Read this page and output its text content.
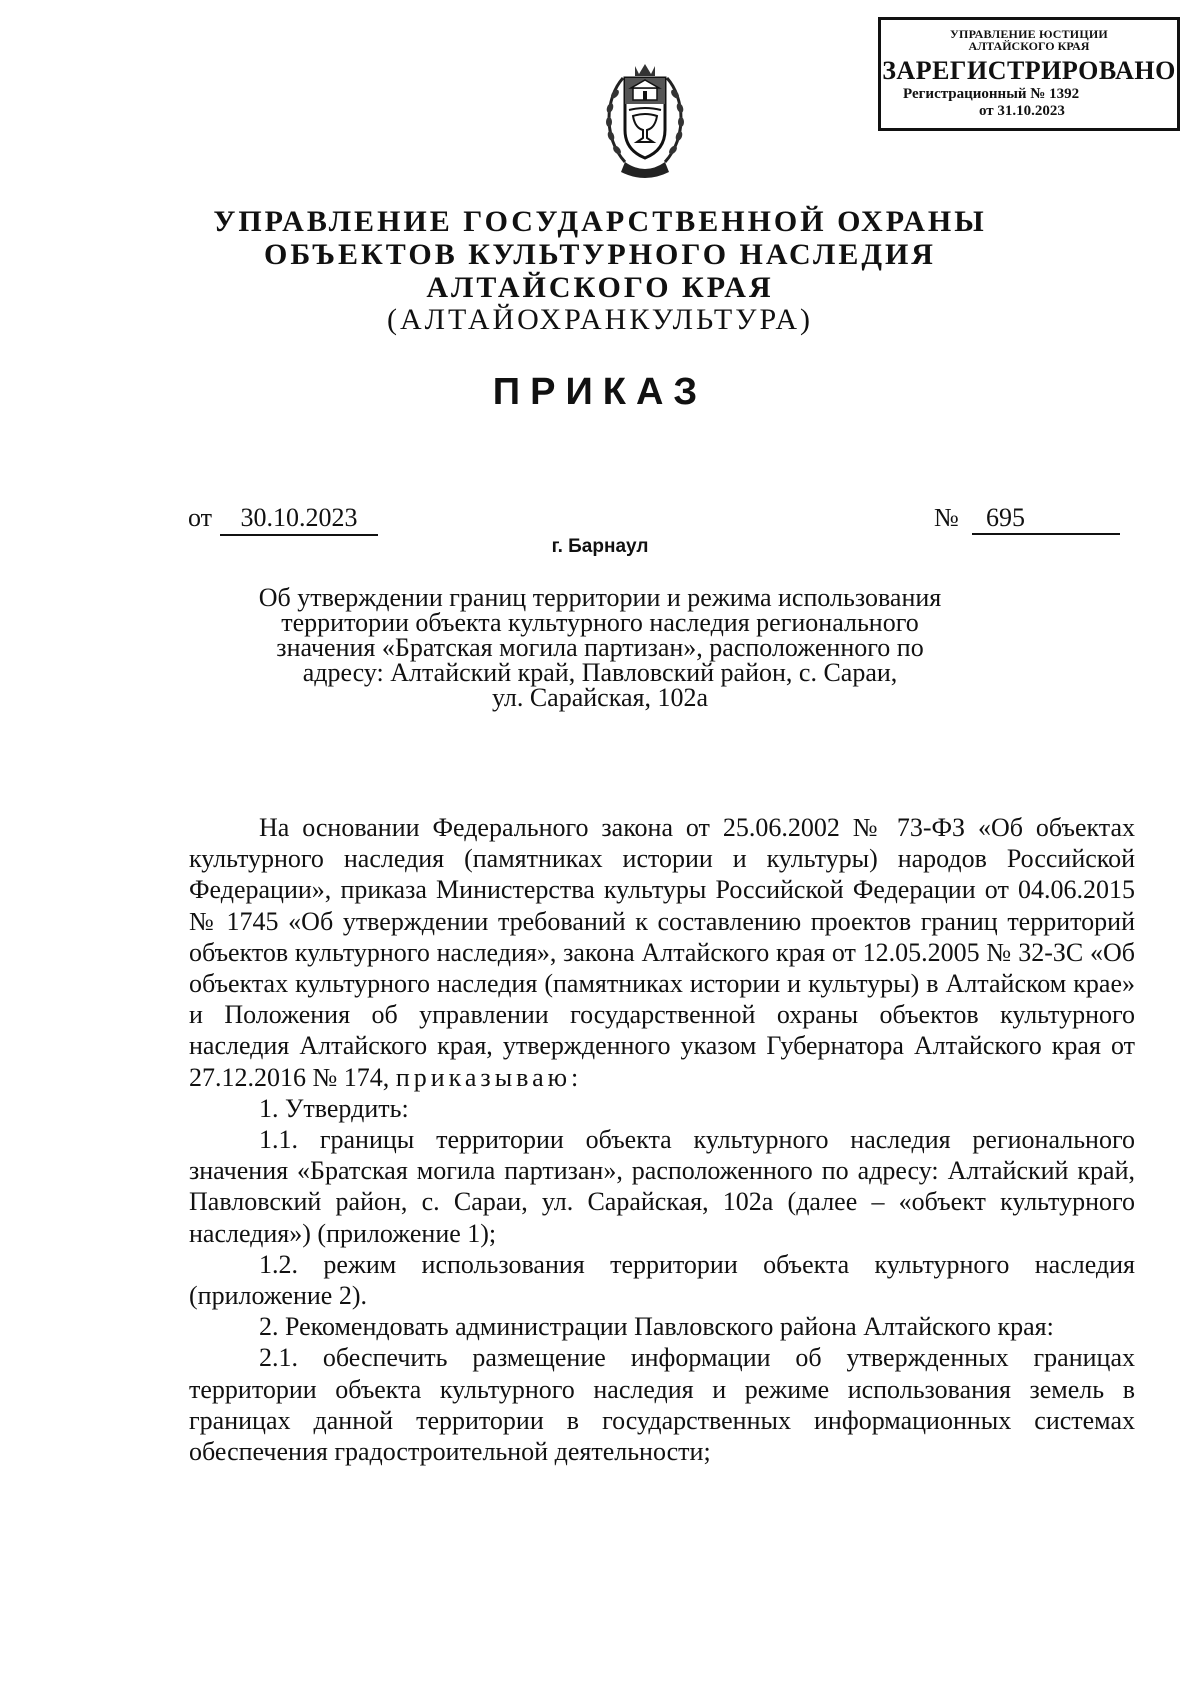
УПРАВЛЕНИЕ ЮСТИЦИИ
АЛТАЙСКОГО КРАЯ
ЗАРЕГИСТРИРОВАНО
Регистрационный № 1392
от 31.10.2023
УПРАВЛЕНИЕ ГОСУДАРСТВЕННОЙ ОХРАНЫ
ОБЪЕКТОВ КУЛЬТУРНОГО НАСЛЕДИЯ
АЛТАЙСКОГО КРАЯ
(АЛТАЙОХРАНКУЛЬТУРА)
ПРИКАЗ
от	30.10.2023	№	695
г. Барнаул
Об утверждении границ территории и режима использования
территории объекта культурного наследия регионального
значения «Братская могила партизан», расположенного по
адресу: Алтайский край, Павловский район, с. Сараи,
ул. Сарайская, 102а

На основании Федерального закона от 25.06.2002 № 73-ФЗ «Об объектах культурного наследия (памятниках истории и культуры) народов Российской Федерации», приказа Министерства культуры Российской Федерации от 04.06.2015 № 1745 «Об утверждении требований к составлению проектов границ территорий объектов культурного наследия», закона Алтайского края от 12.05.2005 № 32-ЗС «Об объектах культурного наследия (памятниках истории и культуры) в Алтайском крае» и Положения об управлении государственной охраны объектов культурного наследия Алтайского края, утвержденного указом Губернатора Алтайского края от 27.12.2016 № 174, приказываю:

1. Утвердить:

1.1. границы территории объекта культурного наследия регионального значения «Братская могила партизан», расположенного по адресу: Алтайский край, Павловский район, с. Сараи, ул. Сарайская, 102а (далее – «объект культурного наследия») (приложение 1);

1.2. режим использования территории объекта культурного наследия (приложение 2).

2. Рекомендовать администрации Павловского района Алтайского края:

2.1. обеспечить размещение информации об утвержденных границах территории объекта культурного наследия и режиме использования земель в границах данной территории в государственных информационных системах обеспечения градостроительной деятельности;
